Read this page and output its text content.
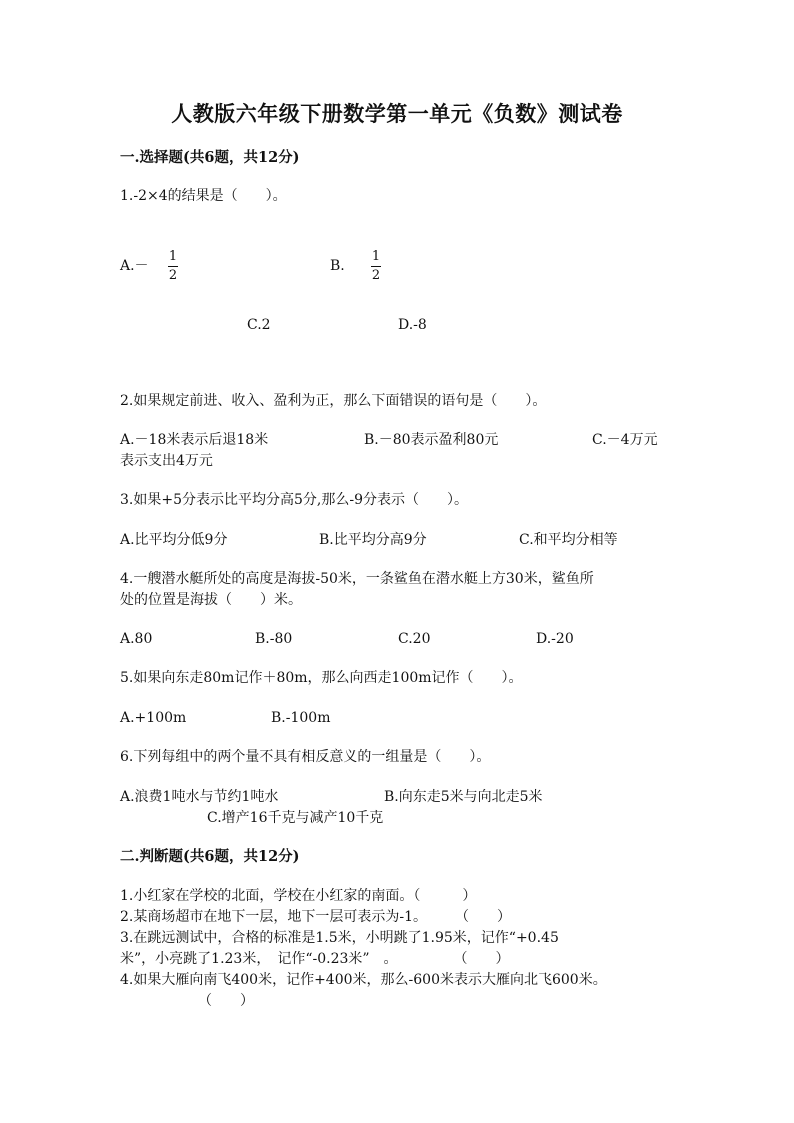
人教版六年级下册数学第一单元《负数》测试卷
一.选择题(共6题，共12分)
1.-2×4的结果是（　　）。
A.－
1
2
B.
1
2
C.2	D.-8
2.如果规定前进、收入、盈利为正，那么下面错误的语句是（　　）。
A.－18米表示后退18米	B.－80表示盈利80元	C.－4万元
表示支出4万元
3.如果+5分表示比平均分高5分,那么-9分表示（　　）。
A.比平均分低9分	B.比平均分高9分	C.和平均分相等
4.一艘潜水艇所处的高度是海拔-50米，一条鲨鱼在潜水艇上方30米，鲨鱼所
处的位置是海拔（　　）米。
A.80	B.-80	C.20	D.-20
5.如果向东走80m记作＋80m，那么向西走100m记作（　　）。
A.+100m	B.-100m
6.下列每组中的两个量不具有相反意义的一组量是（　　）。
A.浪费1吨水与节约1吨水	B.向东走5米与向北走5米
C.增产16千克与减产10千克
二.判断题(共6题，共12分)
1.小红家在学校的北面，学校在小红家的南面。（　　　）
2.某商场超市在地下一层，地下一层可表示为-1。　　　（　　）
3.在跳远测试中，合格的标准是1.5米，小明跳了1.95米，记作“+0.45
米”，小亮跳了1.23米，　记作“-0.23米”　。　　　　　（　　）
4.如果大雁向南飞400米，记作+400米，那么-600米表示大雁向北飞600米。
（　　）
